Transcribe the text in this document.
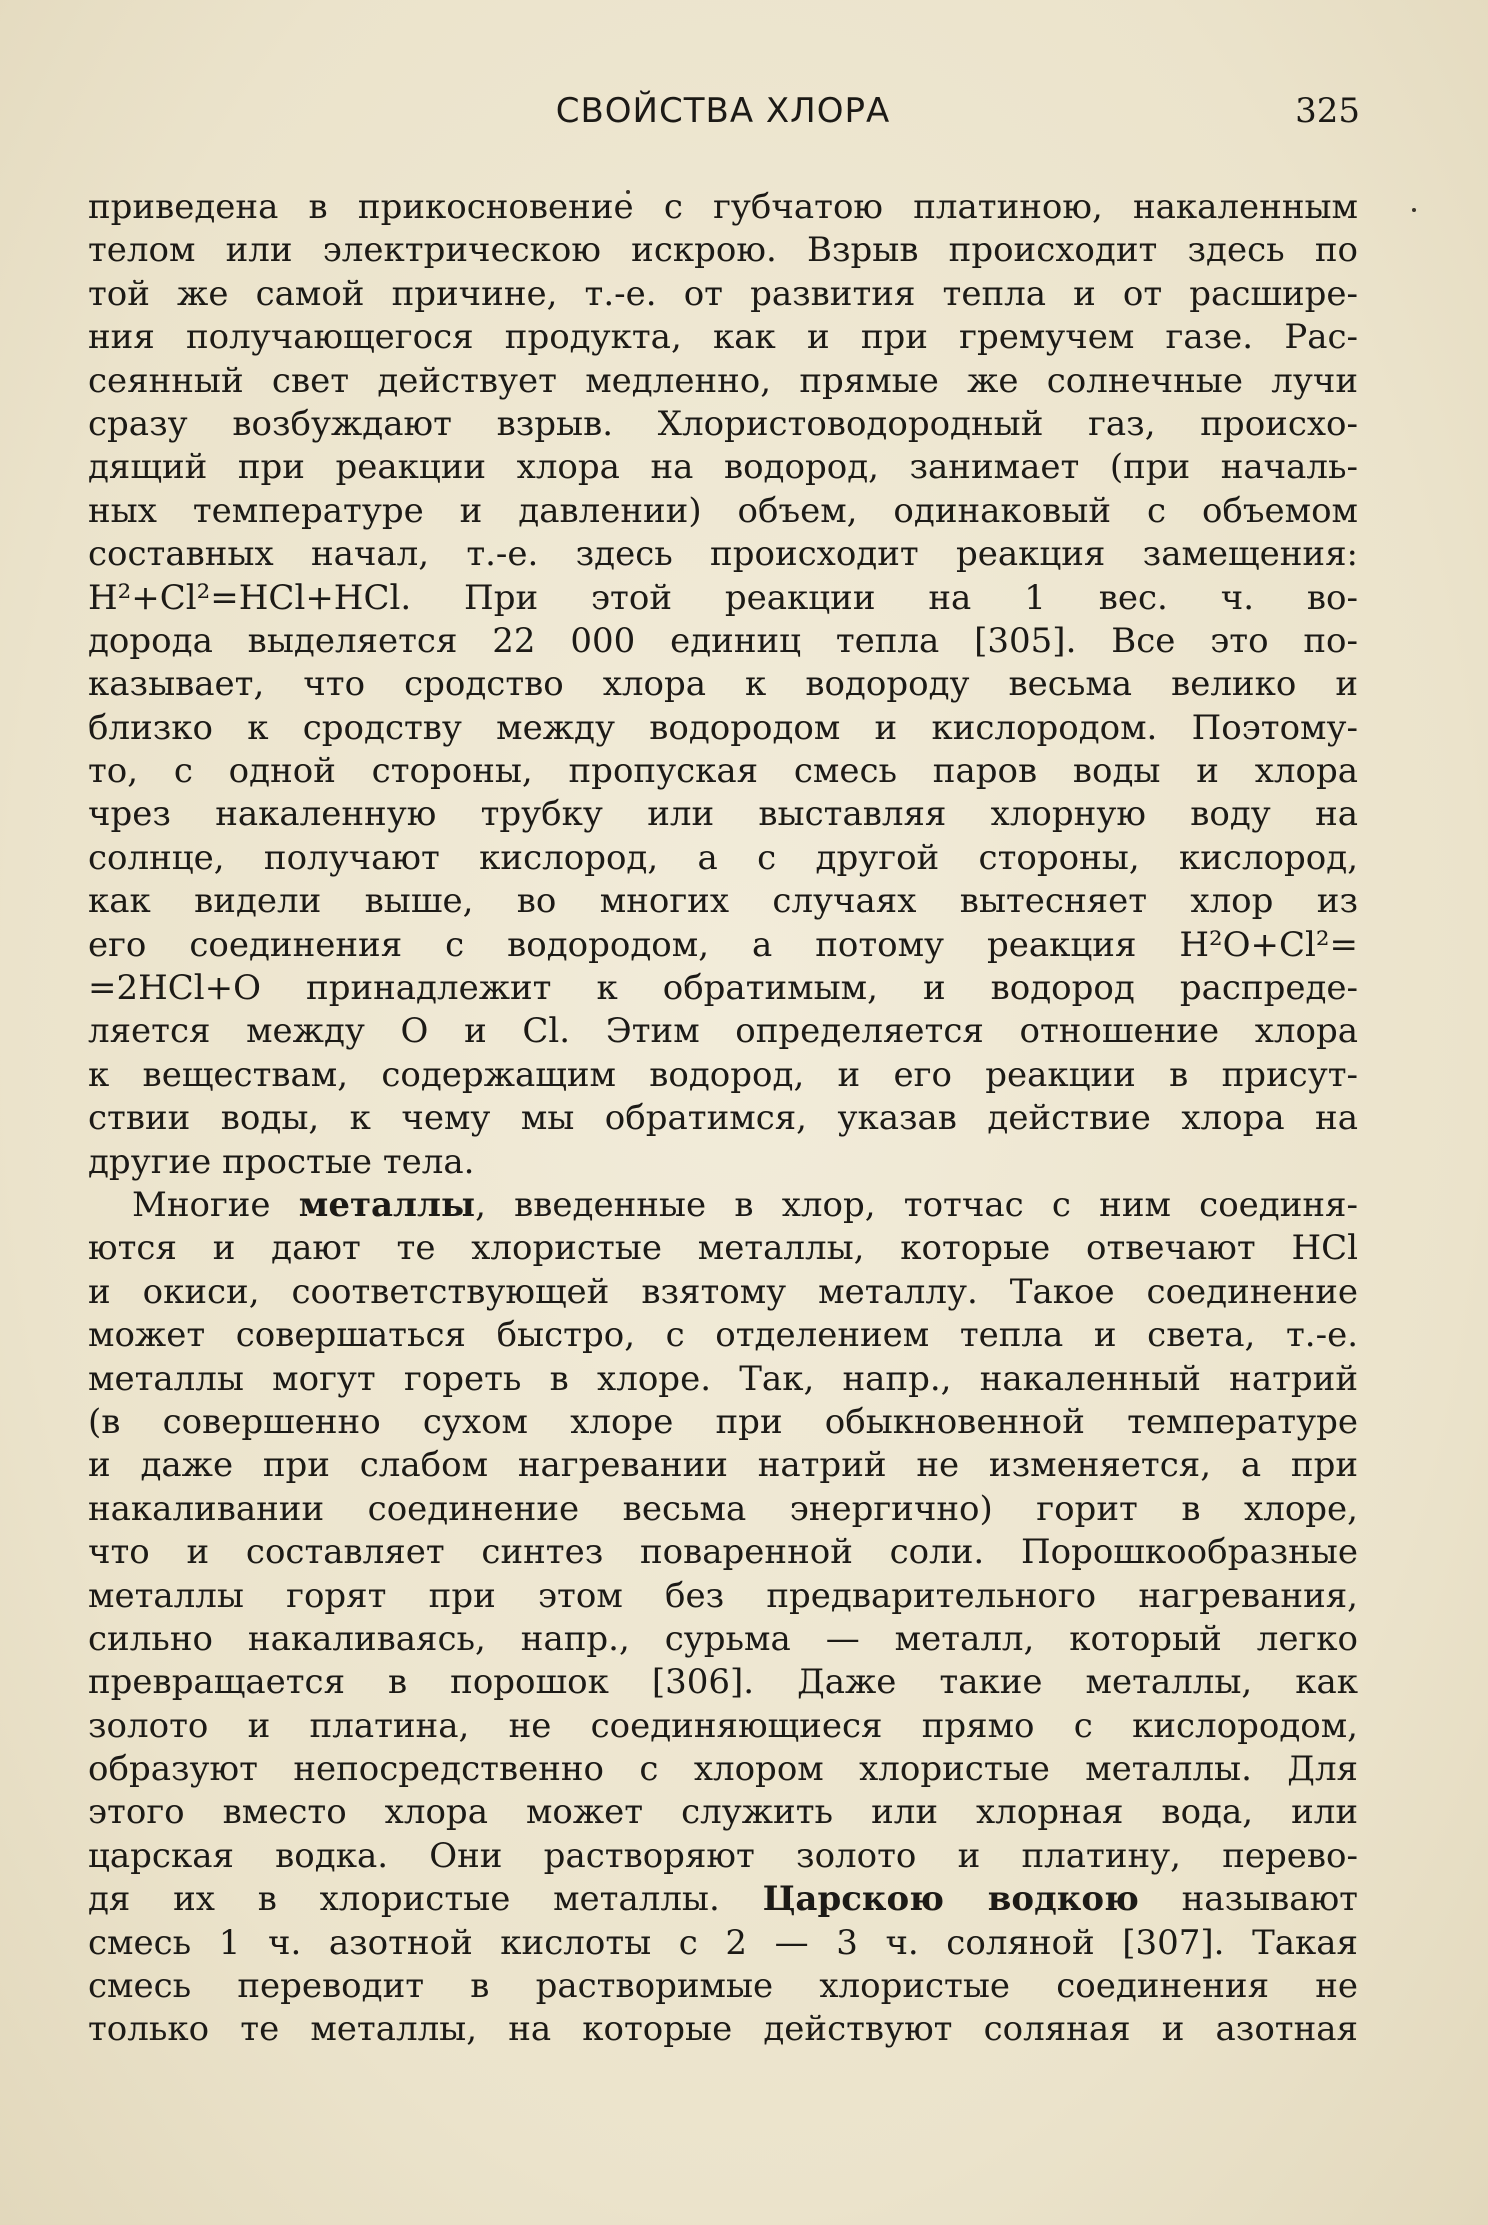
СВОЙСТВА ХЛОРА	325

приведена в прикосновение с губчатою платиною, накаленным

телом или электрическою искрою. Взрыв происходит здесь по

той же самой причине, т.-е. от развития тепла и от расшире-

ния получающегося продукта, как и при гремучем газе. Рас-

сеянный свет действует медленно, прямые же солнечные лучи

сразу возбуждают взрыв. Хлористоводородный газ, происхо-

дящий при реакции хлора на водород, занимает (при началь-

ных температуре и давлении) объем, одинаковый с объемом

составных начал, т.-е. здесь происходит реакция замещения:

H²+Cl²=HCl+HCl. При этой реакции на 1 вес. ч. во-

дорода выделяется 22 000 единиц тепла [305]. Все это по-

казывает, что сродство хлора к водороду весьма велико и

близко к сродству между водородом и кислородом. Поэтому-

то, с одной стороны, пропуская смесь паров воды и хлора

чрез накаленную трубку или выставляя хлорную воду на

солнце, получают кислород, а с другой стороны, кислород,

как видели выше, во многих случаях вытесняет хлор из

его соединения с водородом, а потому реакция H²O+Cl²=

=2HCl+O принадлежит к обратимым, и водород распреде-

ляется между O и Cl. Этим определяется отношение хлора

к веществам, содержащим водород, и его реакции в присут-

ствии воды, к чему мы обратимся, указав действие хлора на

другие простые тела.

Многие металлы, введенные в хлор, тотчас с ним соединя-

ются и дают те хлористые металлы, которые отвечают HCl

и окиси, соответствующей взятому металлу. Такое соединение

может совершаться быстро, с отделением тепла и света, т.-е.

металлы могут гореть в хлоре. Так, напр., накаленный натрий

(в совершенно сухом хлоре при обыкновенной температуре

и даже при слабом нагревании натрий не изменяется, а при

накаливании соединение весьма энергично) горит в хлоре,

что и составляет синтез поваренной соли. Порошкообразные

металлы горят при этом без предварительного нагревания,

сильно накаливаясь, напр., сурьма — металл, который легко

превращается в порошок [306]. Даже такие металлы, как

золото и платина, не соединяющиеся прямо с кислородом,

образуют непосредственно с хлором хлористые металлы. Для

этого вместо хлора может служить или хлорная вода, или

царская водка. Они растворяют золото и платину, перево-

дя их в хлористые металлы. Царскою водкою называют

смесь 1 ч. азотной кислоты с 2 — 3 ч. соляной [307]. Такая

смесь переводит в растворимые хлористые соединения не

только те металлы, на которые действуют соляная и азотная
